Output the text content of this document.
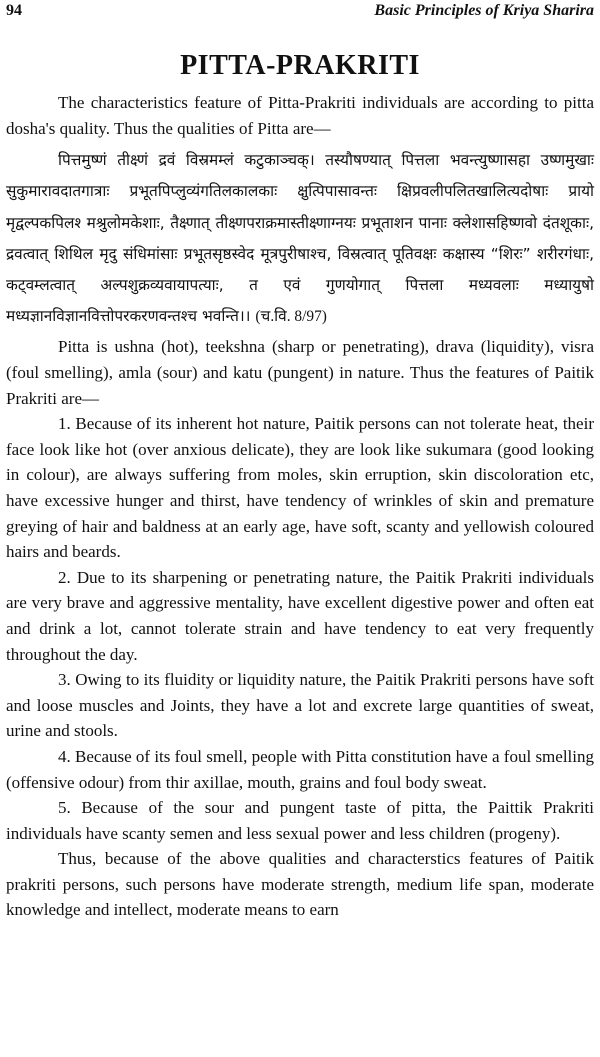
94	Basic Principles of Kriya Sharira
PITTA-PRAKRITI

The characteristics feature of Pitta-Prakriti individuals are according to pitta dosha's quality. Thus the qualities of Pitta are—

पित्तमुष्णं तीक्ष्णं द्रवं विस्रमम्लं कटुकाञ्चक्। तस्यौषण्यात् पित्तला भवन्त्युष्णासहा उष्णमुखाः सुकुमारावदातगात्राः प्रभूतपिप्लुव्यंगतिलकालकाः क्षुत्पिपासावन्तः क्षिप्रवलीपलितखालित्यदोषाः प्रायो मृद्वल्पकपिलश्‍ मश्रुलोमकेशाः, तैक्ष्णात् तीक्ष्णपराक्रमास्तीक्ष्णाग्नयः प्रभूताशन पानाः क्लेशासहिष्णवो दंतशूकाः, द्रवत्वात् शिथिल मृदु संधिमांसाः प्रभूतसृष्ठस्वेद मूत्रपुरीषाश्च, विस्रत्वात् पूतिवक्षः कक्षास्य “शिरः” शरीरगंधाः, कट्वम्लत्वात् अल्पशुक्रव्यवायापत्याः, त एवं गुणयोगात् पित्तला मध्यवलाः मध्यायुषो मध्यज्ञानविज्ञानवित्तोपरकरणवन्तश्च भवन्ति।। (च.वि. 8/97)

Pitta is ushna (hot), teekshna (sharp or penetrating), drava (liquidity), visra (foul smelling), amla (sour) and katu (pungent) in nature. Thus the features of Paitik Prakriti are—

1. Because of its inherent hot nature, Paitik persons can not tolerate heat, their face look like hot (over anxious delicate), they are look like sukumara (good looking in colour), are always suffering from moles, skin erruption, skin discoloration etc, have excessive hunger and thirst, have tendency of wrinkles of skin and premature greying of hair and baldness at an early age, have soft, scanty and yellowish coloured hairs and beards.

2. Due to its sharpening or penetrating nature, the Paitik Prakriti individuals are very brave and aggressive mentality, have excellent digestive power and often eat and drink a lot, cannot tolerate strain and have tendency to eat very frequently throughout the day.

3. Owing to its fluidity or liquidity nature, the Paitik Prakriti persons have soft and loose muscles and Joints, they have a lot and excrete large quantities of sweat, urine and stools.

4. Because of its foul smell, people with Pitta constitution have a foul smelling (offensive odour) from thir axillae, mouth, grains and foul body sweat.

5. Because of the sour and pungent taste of pitta, the Paittik Prakriti individuals have scanty semen and less sexual power and less children (progeny).

Thus, because of the above qualities and characterstics features of Paitik prakriti persons, such persons have moderate strength, medium life span, moderate knowledge and intellect, moderate means to earn
